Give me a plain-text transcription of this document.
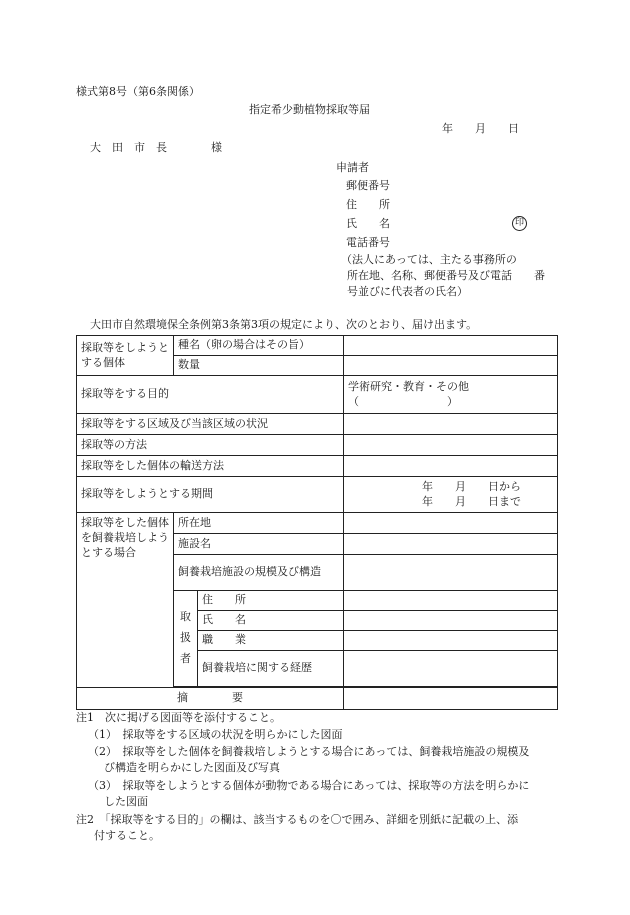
様式第8号（第6条関係）
指定希少動植物採取等届
年　　月　　日
大　田　市　長　　　　様
申請者
郵便番号
住　　所
氏　　名	印
電話番号
（法人にあっては、主たる事務所の
所在地、名称、郵便番号及び電話　　番
号並びに代表者の氏名）
大田市自然環境保全条例第3条第3項の規定により、次のとおり、届け出ます。
採取等をしようとする個体	種名（卵の場合はその旨）		
	数量		
採取等をする目的			学術研究・教育・その他
（　　　　　　　　）

採取等をする区域及び当該区域の状況			
採取等の方法			
採取等をした個体の輸送方法			
採取等をしようとする期間			年　　月　　日から
年　　月　　日まで

採取等をした個体を飼養栽培しようとする場合	所在地		
	施設名		
	飼養栽培施設の規模及び構造		
	取扱者	住　　所	
		氏　　名	
		職　　業	
		飼養栽培に関する経歴	

摘　　　　要			
注1　次に掲げる図面等を添付すること。
（1）　採取等をする区域の状況を明らかにした図面
（2）　採取等をした個体を飼養栽培しようとする場合にあっては、飼養栽培施設の規模及
び構造を明らかにした図面及び写真
（3）　採取等をしようとする個体が動物である場合にあっては、採取等の方法を明らかに
した図面
注2　「採取等をする目的」の欄は、該当するものを〇で囲み、詳細を別紙に記載の上、添
付すること。
